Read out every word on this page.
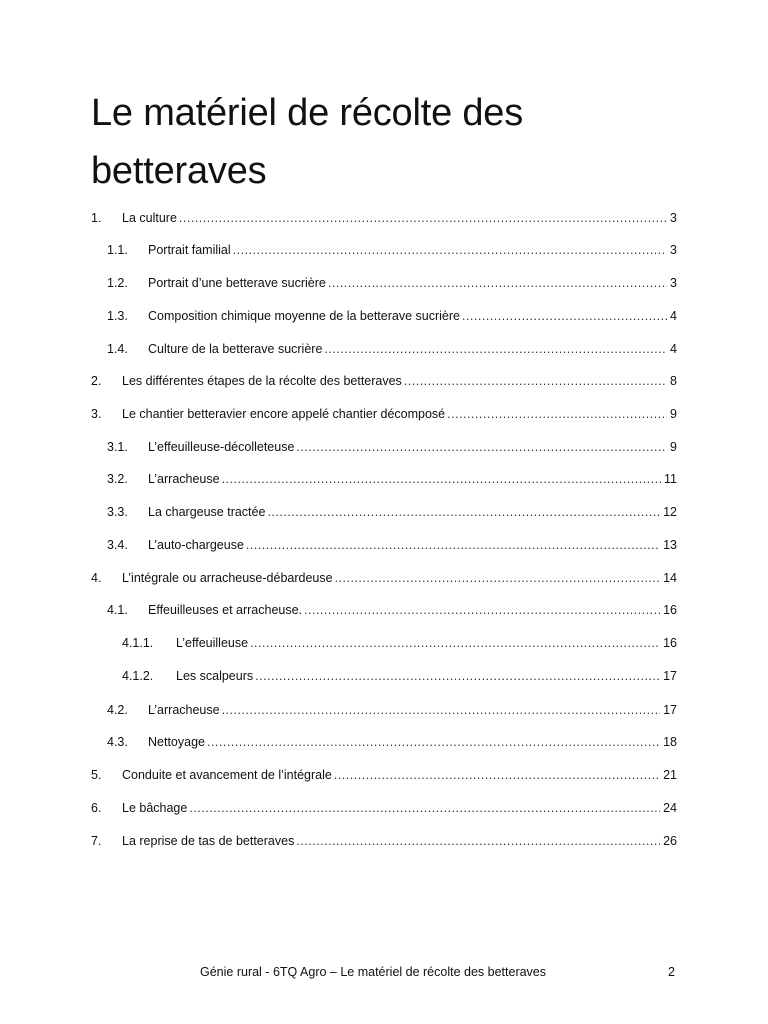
Le matériel de récolte des betteraves
1.	La culture .....	3
1.1.	Portrait familial .....	3
1.2.	Portrait d’une betterave sucrière .....	3
1.3.	Composition chimique moyenne de la betterave sucrière .....	4
1.4.	Culture de la betterave sucrière .....	4
2.	Les différentes étapes de la récolte des betteraves .....	8
3.	Le chantier betteravier encore appelé chantier décomposé .....	9
3.1.	L’effeuilleuse-décolleteuse .....	9
3.2.	L’arracheuse .....	11
3.3.	La chargeuse tractée .....	12
3.4.	L’auto-chargeuse .....	13
4.	L’intégrale ou arracheuse-débardeuse .....	14
4.1.	Effeuilleuses et arracheuse. .....	16
4.1.1.	L’effeuilleuse .....	16
4.1.2.	Les scalpeurs .....	17
4.2.	L’arracheuse .....	17
4.3.	Nettoyage .....	18
5.	Conduite et avancement de l’intégrale .....	21
6.	Le bâchage .....	24
7.	La reprise de tas de betteraves .....	26
Génie rural - 6TQ Agro – Le matériel de récolte des betteraves	2
